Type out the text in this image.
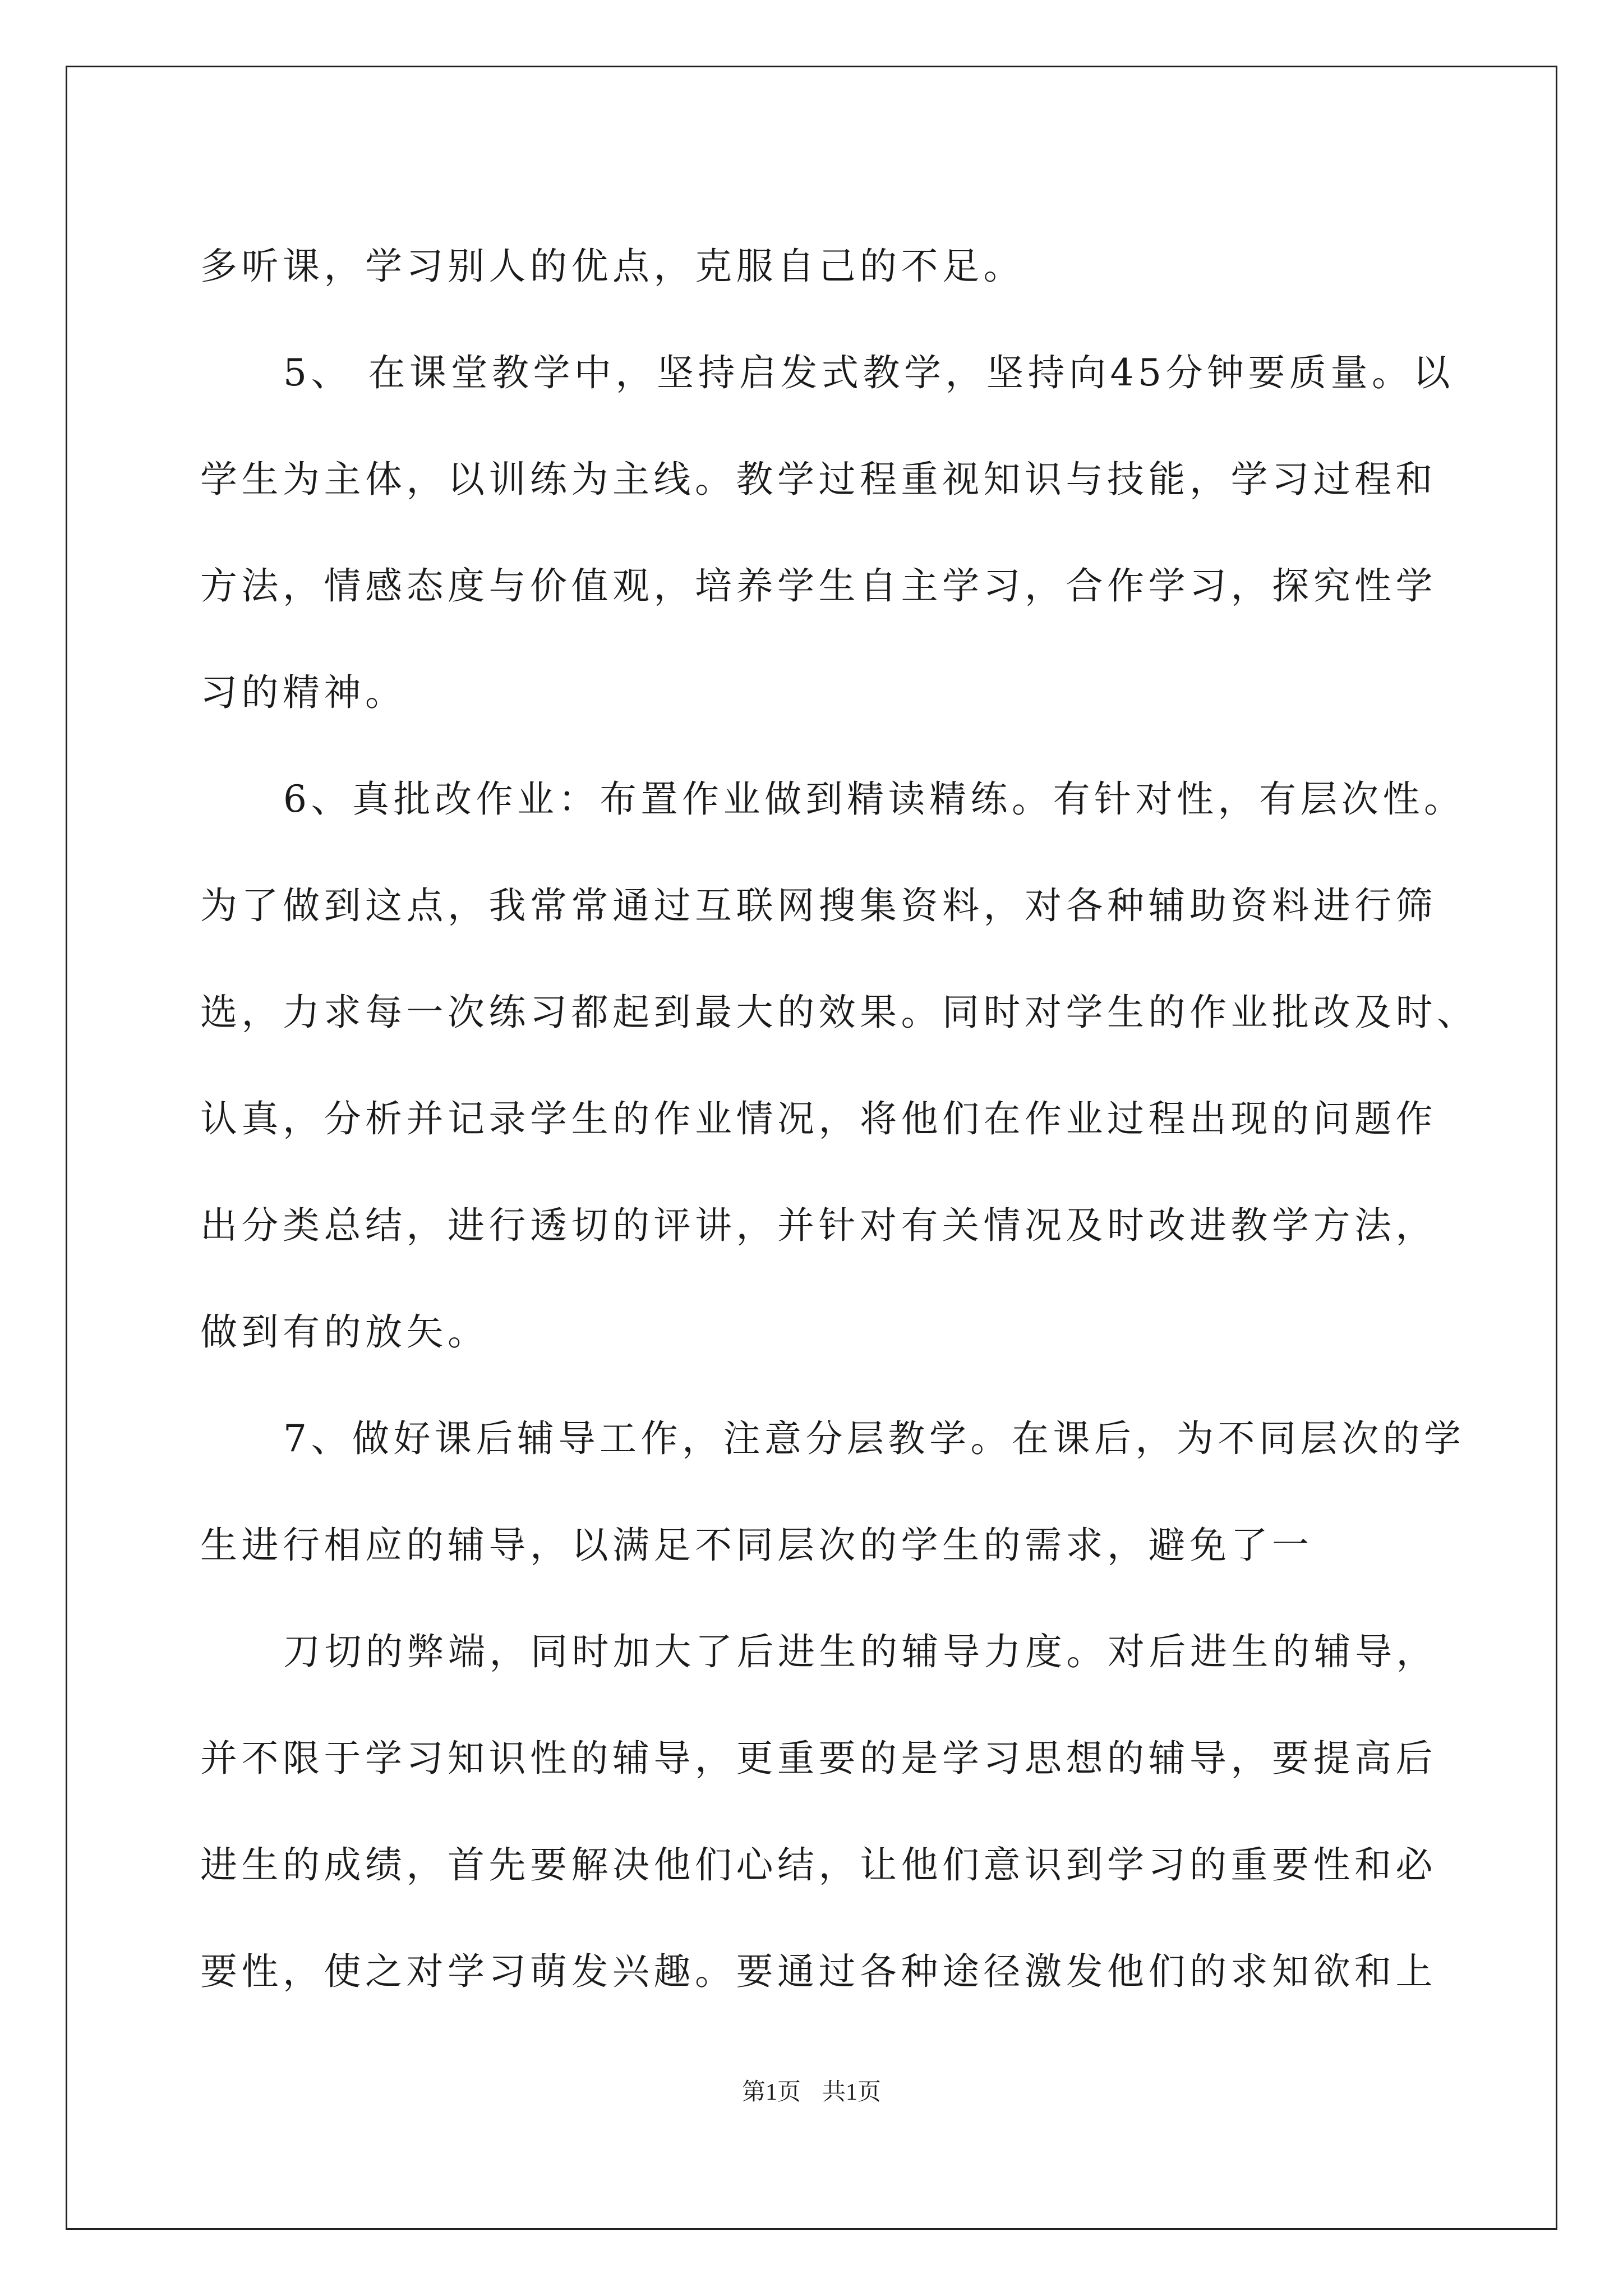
多听课，学习别人的优点，克服自己的不足。
5、 在课堂教学中，坚持启发式教学，坚持向45分钟要质量。以
学生为主体，以训练为主线。教学过程重视知识与技能，学习过程和
方法，情感态度与价值观，培养学生自主学习，合作学习，探究性学
习的精神。
6、真批改作业：布置作业做到精读精练。有针对性，有层次性。
为了做到这点，我常常通过互联网搜集资料，对各种辅助资料进行筛
选，力求每一次练习都起到最大的效果。同时对学生的作业批改及时、
认真，分析并记录学生的作业情况，将他们在作业过程出现的问题作
出分类总结，进行透切的评讲，并针对有关情况及时改进教学方法，
做到有的放矢。
7、做好课后辅导工作，注意分层教学。在课后，为不同层次的学
生进行相应的辅导，以满足不同层次的学生的需求，避免了一
刀切的弊端，同时加大了后进生的辅导力度。对后进生的辅导，
并不限于学习知识性的辅导，更重要的是学习思想的辅导，要提高后
进生的成绩，首先要解决他们心结，让他们意识到学习的重要性和必
要性，使之对学习萌发兴趣。要通过各种途径激发他们的求知欲和上
第1页 共1页
